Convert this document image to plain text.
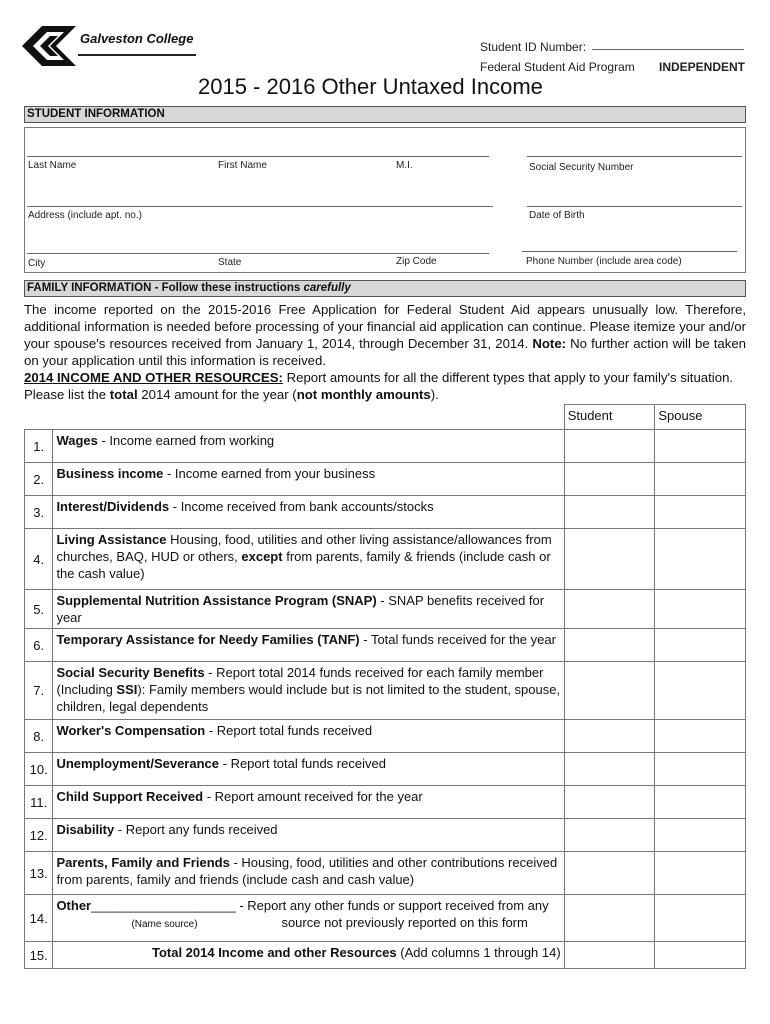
Galveston College
Student ID Number:
Federal Student Aid Program INDEPENDENT
2015 - 2016 Other Untaxed Income
STUDENT INFORMATION
Last Name	First Name	M.I.	Social Security Number
Address (include apt. no.)	Date of Birth
City	State	Zip Code	Phone Number (include area code)
FAMILY INFORMATION - Follow these instructions carefully
The income reported on the 2015-2016 Free Application for Federal Student Aid appears unusually low. Therefore, additional information is needed before processing of your financial aid application can continue. Please itemize your and/or your spouse's resources received from January 1, 2014, through December 31, 2014. Note: No further action will be taken on your application until this information is received.
2014 INCOME AND OTHER RESOURCES: Report amounts for all the different types that apply to your family's situation.
Please list the total 2014 amount for the year (not monthly amounts).
		Student	Spouse
1.	Wages - Income earned from working		
2.	Business income - Income earned from your business		
3.	Interest/Dividends - Income received from bank accounts/stocks		
4.	Living Assistance Housing, food, utilities and other living assistance/allowances from churches, BAQ, HUD or others, except from parents, family & friends (include cash or the cash value)		
5.	Supplemental Nutrition Assistance Program (SNAP) - SNAP benefits received for year		
6.	Temporary Assistance for Needy Families (TANF) - Total funds received for the year		
7.	Social Security Benefits - Report total 2014 funds received for each family member (Including SSI): Family members would include but is not limited to the student, spouse, children, legal dependents		
8.	Worker's Compensation - Report total funds received		
10.	Unemployment/Severance - Report total funds received		
11.	Child Support Received - Report amount received for the year		
12.	Disability - Report any funds received		
13.	Parents, Family and Friends - Housing, food, utilities and other contributions received from parents, family and friends (include cash and cash value)		
14.	Other____________________ - Report any other funds or support received from any
(Name source) source not previously reported on this form		
15.	Total 2014 Income and other Resources (Add columns 1 through 14)		
